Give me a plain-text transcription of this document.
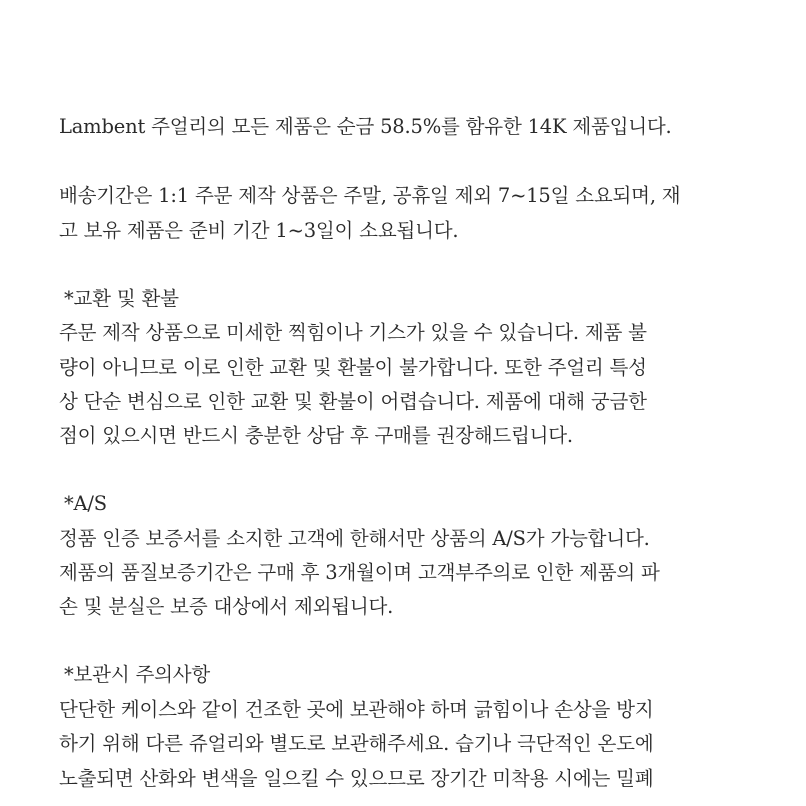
Lambent 주얼리의 모든 제품은 순금 58.5%를 함유한 14K 제품입니다.
배송기간은 1:1 주문 제작 상품은 주말, 공휴일 제외 7~15일 소요되며, 재
고 보유 제품은 준비 기간 1~3일이 소요됩니다.
*교환 및 환불
주문 제작 상품으로 미세한 찍힘이나 기스가 있을 수 있습니다. 제품 불
량이 아니므로 이로 인한 교환 및 환불이 불가합니다. 또한 주얼리 특성
상 단순 변심으로 인한 교환 및 환불이 어렵습니다. 제품에 대해 궁금한
점이 있으시면 반드시 충분한 상담 후 구매를 권장해드립니다.
*A/S
정품 인증 보증서를 소지한 고객에 한해서만 상품의 A/S가 가능합니다.
제품의 품질보증기간은 구매 후 3개월이며 고객부주의로 인한 제품의 파
손 및 분실은 보증 대상에서 제외됩니다.
*보관시 주의사항
단단한 케이스와 같이 건조한 곳에 보관해야 하며 긁힘이나 손상을 방지
하기 위해 다른 쥬얼리와 별도로 보관해주세요. 습기나 극단적인 온도에
노출되면 산화와 변색을 일으킬 수 있으므로 장기간 미착용 시에는 밀폐
